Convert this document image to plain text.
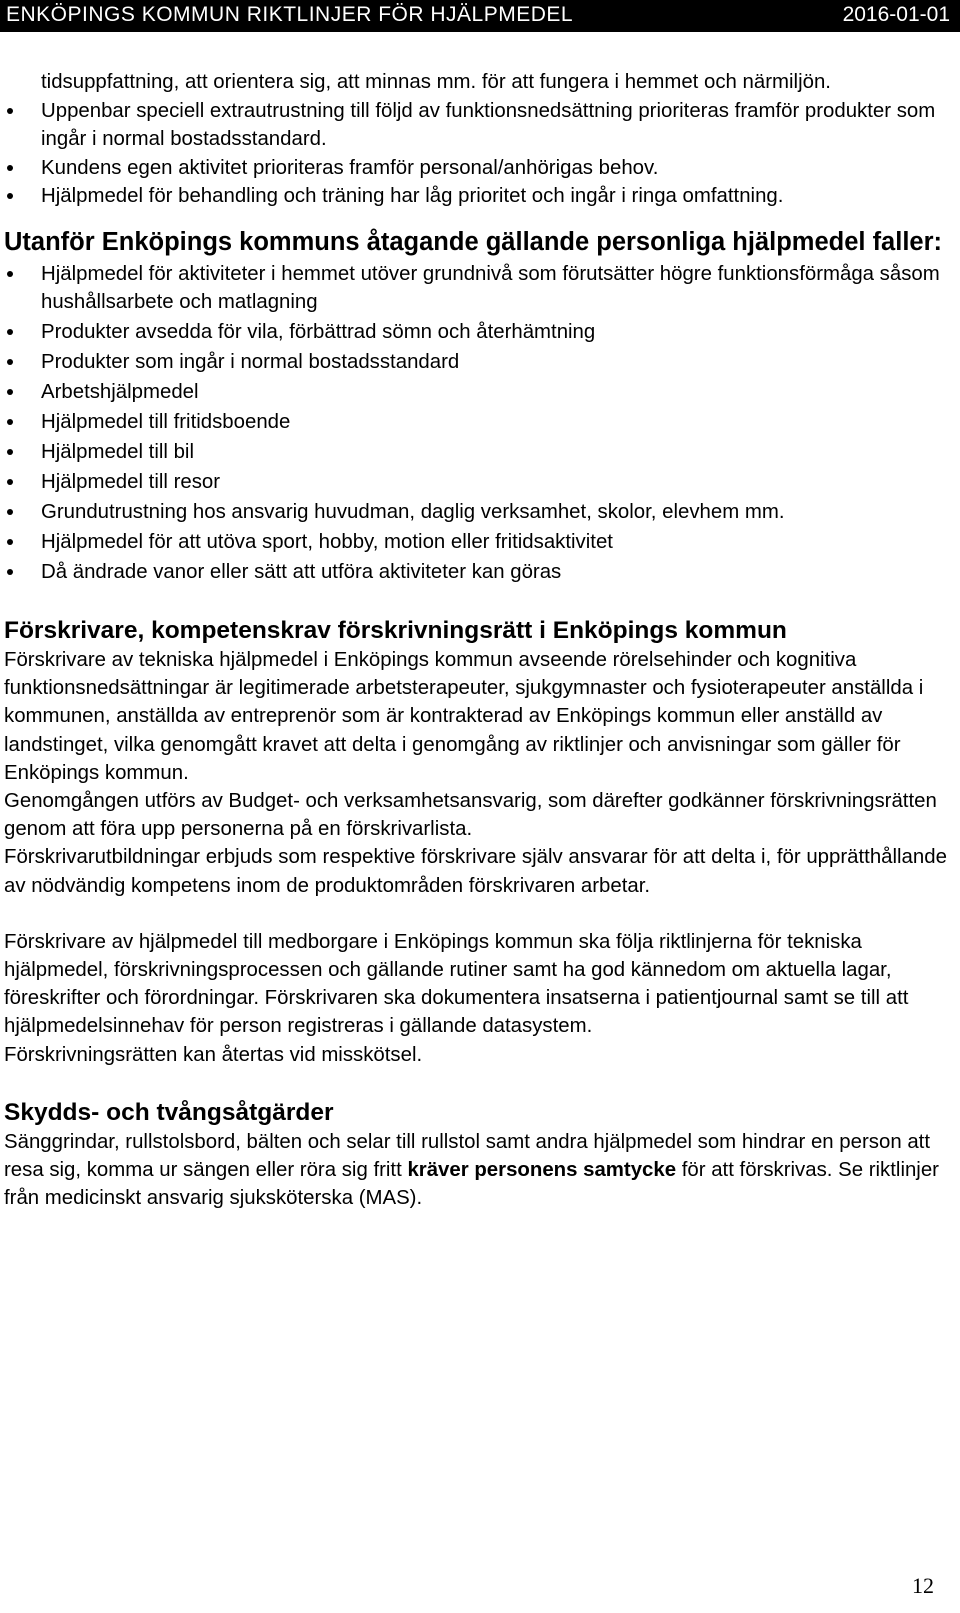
ENKÖPINGS KOMMUN RIKTLINJER FÖR HJÄLPMEDEL	2016-01-01
tidsuppfattning, att orientera sig, att minnas mm. för att fungera i hemmet och närmiljön.
Uppenbar speciell extrautrustning till följd av funktionsnedsättning prioriteras framför produkter som ingår i normal bostadsstandard.
Kundens egen aktivitet prioriteras framför personal/anhörigas behov.
Hjälpmedel för behandling och träning har låg prioritet och ingår i ringa omfattning.
Utanför Enköpings kommuns åtagande gällande personliga hjälpmedel faller:
Hjälpmedel för aktiviteter i hemmet utöver grundnivå som förutsätter högre funktionsförmåga såsom hushållsarbete och matlagning
Produkter avsedda för vila, förbättrad sömn och återhämtning
Produkter som ingår i normal bostadsstandard
Arbetshjälpmedel
Hjälpmedel till fritidsboende
Hjälpmedel till bil
Hjälpmedel till resor
Grundutrustning hos ansvarig huvudman, daglig verksamhet, skolor, elevhem mm.
Hjälpmedel för att utöva sport, hobby, motion eller fritidsaktivitet
Då ändrade vanor eller sätt att utföra aktiviteter kan göras
Förskrivare, kompetenskrav förskrivningsrätt i Enköpings kommun

Förskrivare av tekniska hjälpmedel i Enköpings kommun avseende rörelsehinder och kognitiva funktionsnedsättningar är legitimerade arbetsterapeuter, sjukgymnaster och fysioterapeuter anställda i kommunen, anställda av entreprenör som är kontrakterad av Enköpings kommun eller anställd av landstinget, vilka genomgått kravet att delta i genomgång av riktlinjer och anvisningar som gäller för Enköpings kommun.

Genomgången utförs av Budget- och verksamhetsansvarig, som därefter godkänner förskrivningsrätten genom att föra upp personerna på en förskrivarlista.

Förskrivarutbildningar erbjuds som respektive förskrivare själv ansvarar för att delta i, för upprätthållande av nödvändig kompetens inom de produktområden förskrivaren arbetar.

Förskrivare av hjälpmedel till medborgare i Enköpings kommun ska följa riktlinjerna för tekniska hjälpmedel, förskrivningsprocessen och gällande rutiner samt ha god kännedom om aktuella lagar, föreskrifter och förordningar. Förskrivaren ska dokumentera insatserna i patientjournal samt se till att hjälpmedelsinnehav för person registreras i gällande datasystem.

Förskrivningsrätten kan återtas vid misskötsel.

Skydds- och tvångsåtgärder

Sänggrindar, rullstolsbord, bälten och selar till rullstol samt andra hjälpmedel som hindrar en person att resa sig, komma ur sängen eller röra sig fritt kräver personens samtycke för att förskrivas. Se riktlinjer från medicinskt ansvarig sjuksköterska (MAS).

12
